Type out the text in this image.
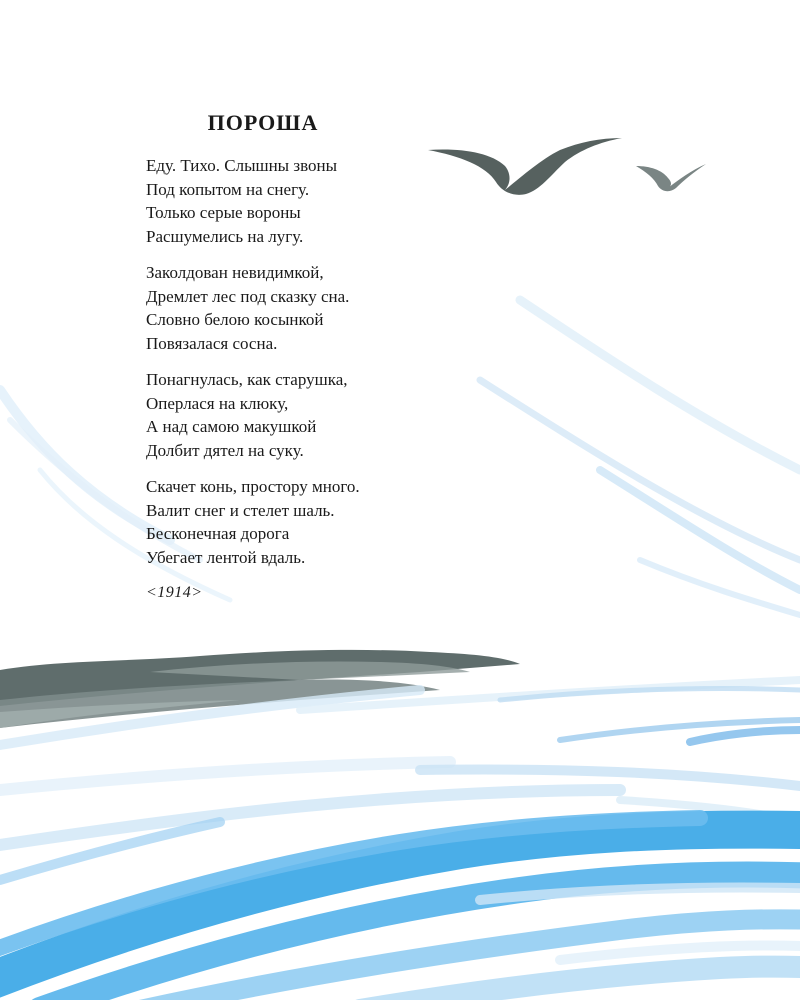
ПОРОША
Еду. Тихо. Слышны звоны
Под копытом на снегу.
Только серые вороны
Расшумелись на лугу.
Заколдован невидимкой,
Дремлет лес под сказку сна.
Словно белою косынкой
Повязалася сосна.
Понагнулась, как старушка,
Оперлася на клюку,
А над самою макушкой
Долбит дятел на суку.
Скачет конь, простору много.
Валит снег и стелет шаль.
Бесконечная дорога
Убегает лентой вдаль.
<1914>
